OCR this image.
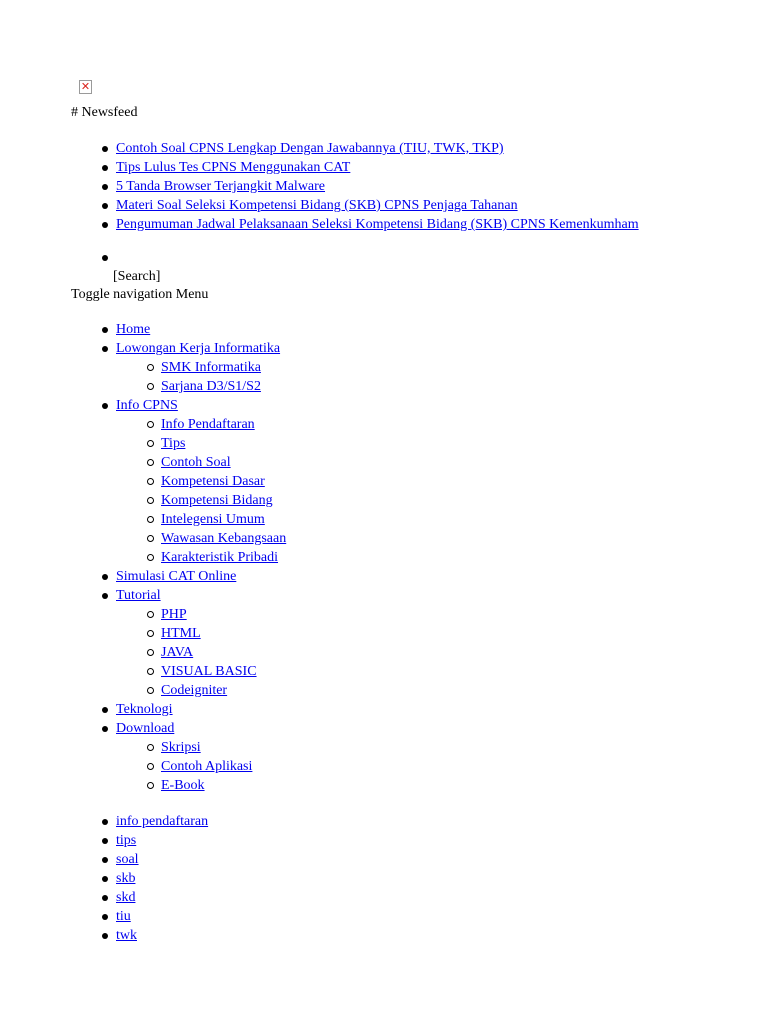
✕
# Newsfeed
Contoh Soal CPNS Lengkap Dengan Jawabannya (TIU, TWK, TKP)
Tips Lulus Tes CPNS Menggunakan CAT
5 Tanda Browser Terjangkit Malware
Materi Soal Seleksi Kompetensi Bidang (SKB) CPNS Penjaga Tahanan
Pengumuman Jadwal Pelaksanaan Seleksi Kompetensi Bidang (SKB) CPNS Kemenkumham
[Search]
Toggle navigation Menu
Home
Lowongan Kerja Informatika
SMK Informatika
Sarjana D3/S1/S2
Info CPNS
Info Pendaftaran
Tips
Contoh Soal
Kompetensi Dasar
Kompetensi Bidang
Intelegensi Umum
Wawasan Kebangsaan
Karakteristik Pribadi
Simulasi CAT Online
Tutorial
PHP
HTML
JAVA
VISUAL BASIC
Codeigniter
Teknologi
Download
Skripsi
Contoh Aplikasi
E-Book
info pendaftaran
tips
soal
skb
skd
tiu
twk
